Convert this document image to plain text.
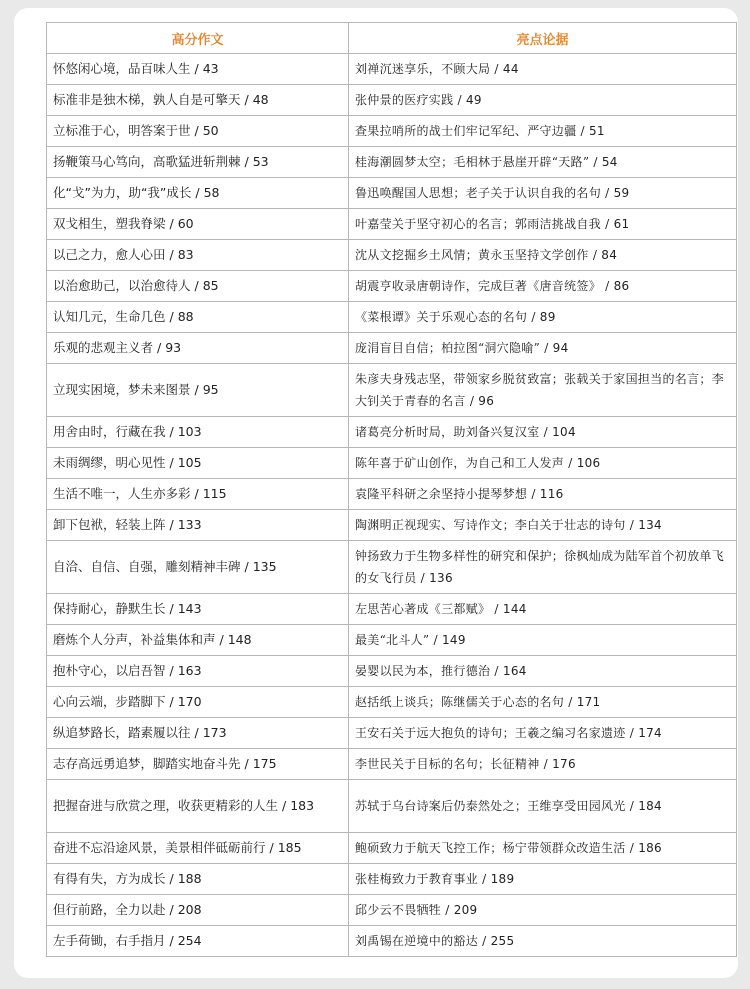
高分作文	亮点论据
怀悠闲心境，品百味人生 / 43	刘禅沉迷享乐，不顾大局 / 44
标准非是独木梯，孰人自是可擎天 / 48	张仲景的医疗实践 / 49
立标准于心，明答案于世 / 50	查果拉哨所的战士们牢记军纪、严守边疆 / 51
扬鞭策马心笃向，高歌猛进斩荆棘 / 53	桂海潮圆梦太空；毛相林于悬崖开辟“天路” / 54
化“戈”为力，助“我”成长 / 58	鲁迅唤醒国人思想；老子关于认识自我的名句 / 59
双戈相生，塑我脊梁 / 60	叶嘉莹关于坚守初心的名言；郭雨洁挑战自我 / 61
以己之力，愈人心田 / 83	沈从文挖掘乡土风情；黄永玉坚持文学创作 / 84
以治愈助己，以治愈待人 / 85	胡震亨收录唐朝诗作，完成巨著《唐音统签》 / 86
认知几元，生命几色 / 88	《菜根谭》关于乐观心态的名句 / 89
乐观的悲观主义者 / 93	庞涓盲目自信；柏拉图“洞穴隐喻” / 94
立现实困境，梦未来图景 / 95	朱彦夫身残志坚，带领家乡脱贫致富；张载关于家国担当的名言；李大钊关于青春的名言 / 96
用舍由时，行藏在我 / 103	诸葛亮分析时局，助刘备兴复汉室 / 104
未雨绸缪，明心见性 / 105	陈年喜于矿山创作，为自己和工人发声 / 106
生活不唯一，人生亦多彩 / 115	袁隆平科研之余坚持小提琴梦想 / 116
卸下包袱，轻装上阵 / 133	陶渊明正视现实、写诗作文；李白关于壮志的诗句 / 134
自洽、自信、自强，雕刻精神丰碑 / 135	钟扬致力于生物多样性的研究和保护；徐枫灿成为陆军首个初放单飞的女飞行员 / 136
保持耐心，静默生长 / 143	左思苦心著成《三都赋》 / 144
磨炼个人分声，补益集体和声 / 148	最美“北斗人” / 149
抱朴守心，以启吾智 / 163	晏婴以民为本，推行德治 / 164
心向云端，步踏脚下 / 170	赵括纸上谈兵；陈继儒关于心态的名句 / 171
纵追梦路长，踏素履以往 / 173	王安石关于远大抱负的诗句；王羲之编习名家遗迹 / 174
志存高远勇追梦，脚踏实地奋斗先 / 175	李世民关于目标的名句；长征精神 / 176
把握奋进与欣赏之理，收获更精彩的人生 / 183	苏轼于乌台诗案后仍泰然处之；王维享受田园风光 / 184
奋进不忘沿途风景，美景相伴砥砺前行 / 185	鲍硕致力于航天飞控工作；杨宁带领群众改造生活 / 186
有得有失，方为成长 / 188	张桂梅致力于教育事业 / 189
但行前路，全力以赴 / 208	邱少云不畏牺牲 / 209
左手荷锄，右手指月 / 254	刘禹锡在逆境中的豁达 / 255
